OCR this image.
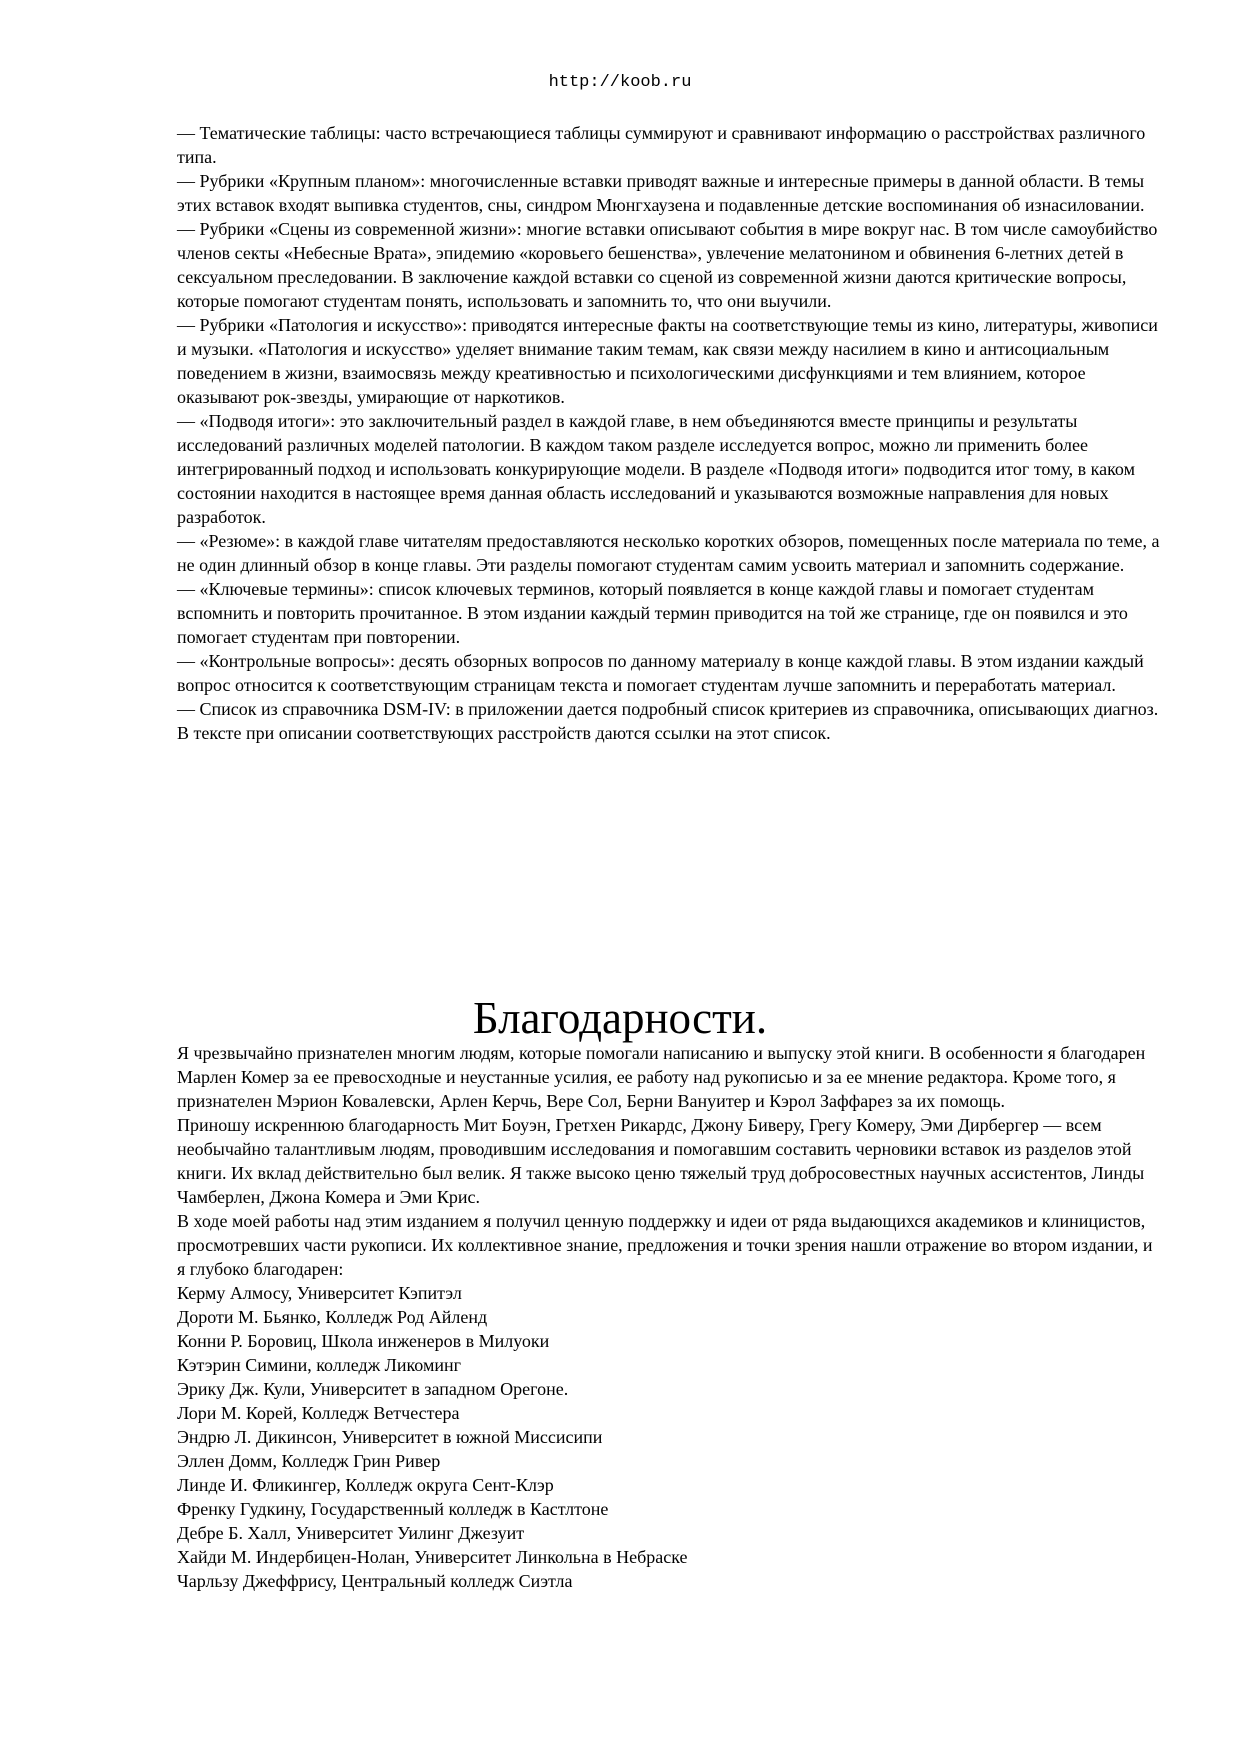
http://koob.ru

— Тематические таблицы: часто встречающиеся таблицы суммируют и сравнивают информацию о расстройствах различного типа.

— Рубрики «Крупным планом»: многочисленные вставки приводят важные и интересные примеры в данной области. В темы этих вставок входят выпивка студентов, сны, синдром Мюнгхаузена и подавленные детские воспоминания об изнасиловании.

— Рубрики «Сцены из современной жизни»: многие вставки описывают события в мире вокруг нас. В том числе самоубийство членов секты «Небесные Врата», эпидемию «коровьего бешенства», увлечение мелатонином и обвинения 6-летних детей в сексуальном преследовании. В заключение каждой вставки со сценой из современной жизни даются критические вопросы, которые помогают студентам понять, использовать и запомнить то, что они выучили.

— Рубрики «Патология и искусство»: приводятся интересные факты на соответствующие темы из кино, литературы, живописи и музыки. «Патология и искусство» уделяет внимание таким темам, как связи между насилием в кино и антисоциальным поведением в жизни, взаимосвязь между креативностью и психологическими дисфункциями и тем влиянием, которое оказывают рок-звезды, умирающие от наркотиков.

— «Подводя итоги»: это заключительный раздел в каждой главе, в нем объединяются вместе принципы и результаты исследований различных моделей патологии. В каждом таком разделе исследуется вопрос, можно ли применить более интегрированный подход и использовать конкурирующие модели. В разделе «Подводя итоги» подводится итог тому, в каком состоянии находится в настоящее время данная область исследований и указываются возможные направления для новых разработок.

— «Резюме»: в каждой главе читателям предоставляются несколько коротких обзоров, помещенных после материала по теме, а не один длинный обзор в конце главы. Эти разделы помогают студентам самим усвоить материал и запомнить содержание.

— «Ключевые термины»: список ключевых терминов, который появляется в конце каждой главы и помогает студентам вспомнить и повторить прочитанное. В этом издании каждый термин приводится на той же странице, где он появился и это помогает студентам при повторении.

— «Контрольные вопросы»: десять обзорных вопросов по данному материалу в конце каждой главы. В этом издании каждый вопрос относится к соответствующим страницам текста и помогает студентам лучше запомнить и переработать материал.

— Список из справочника DSM-IV: в приложении дается подробный список критериев из справочника, описывающих диагноз. В тексте при описании соответствующих расстройств даются ссылки на этот список.

Благодарности.

Я чрезвычайно признателен многим людям, которые помогали написанию и выпуску этой книги. В особенности я благодарен Марлен Комер за ее превосходные и неустанные усилия, ее работу над рукописью и за ее мнение редактора. Кроме того, я признателен Мэрион Ковалевски, Арлен Керчь, Вере Сол, Берни Вануитер и Кэрол Заффарез за их помощь.

Приношу искреннюю благодарность Мит Боуэн, Гретхен Рикардс, Джону Биверу, Грегу Комеру, Эми Дирбергер — всем необычайно талантливым людям, проводившим исследования и помогавшим составить черновики вставок из разделов этой книги. Их вклад действительно был велик. Я также высоко ценю тяжелый труд добросовестных научных ассистентов, Линды Чамберлен, Джона Комера и Эми Крис.

В ходе моей работы над этим изданием я получил ценную поддержку и идеи от ряда выдающихся академиков и клиницистов, просмотревших части рукописи. Их коллективное знание, предложения и точки зрения нашли отражение во втором издании, и я глубоко благодарен:

Керму Алмосу, Университет Кэпитэл
Дороти М. Бьянко, Колледж Род Айленд
Конни Р. Боровиц, Школа инженеров в Милуоки
Кэтэрин Симини, колледж Ликоминг
Эрику Дж. Кули, Университет в западном Орегоне.
Лори М. Корей, Колледж Ветчестера
Эндрю Л. Дикинсон, Университет в южной Миссисипи
Эллен Домм, Колледж Грин Ривер
Линде И. Фликингер, Колледж округа Сент-Клэр
Френку Гудкину, Государственный колледж в Кастлтоне
Дебре Б. Халл, Университет Уилинг Джезуит
Хайди М. Индербицен-Нолан, Университет Линкольна в Небраске
Чарльзу Джеффрису, Центральный колледж Сиэтла
